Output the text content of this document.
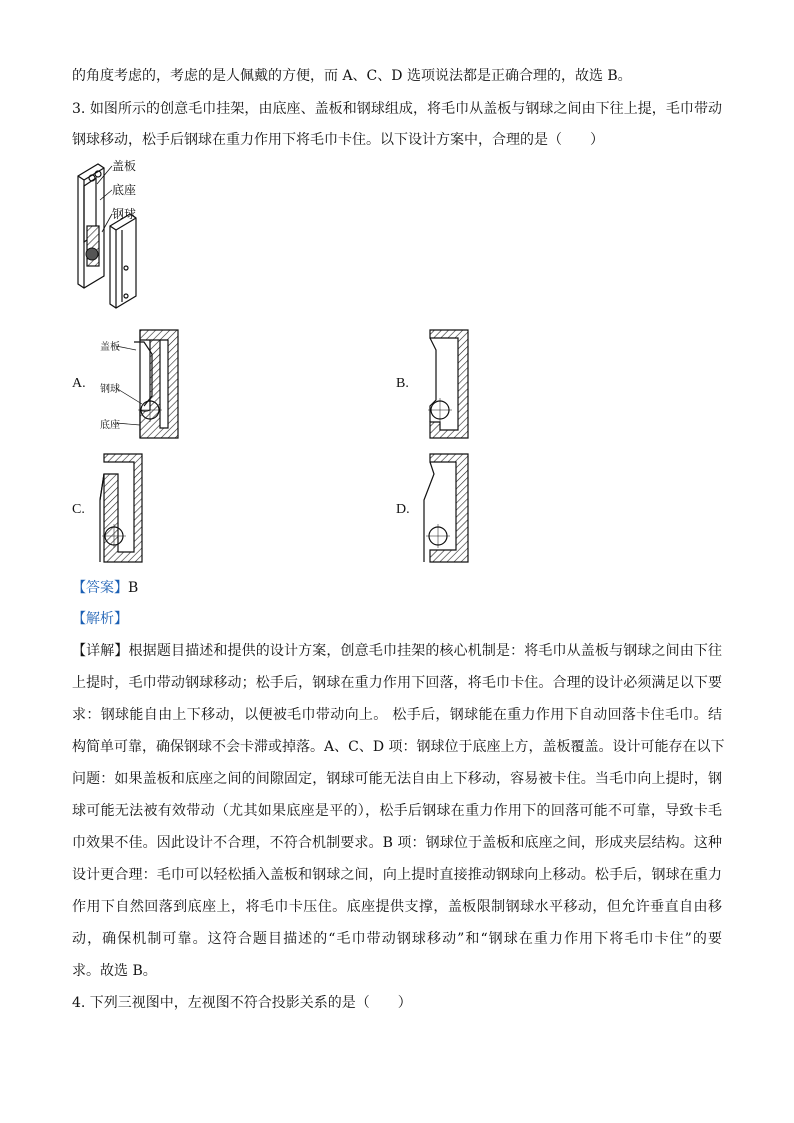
的角度考虑的，考虑的是人佩戴的方便，而 A、C、D 选项说法都是正确合理的，故选 B。
3. 如图所示的创意毛巾挂架，由底座、盖板和钢球组成，将毛巾从盖板与钢球之间由下往上提，毛巾带动
钢球移动，松手后钢球在重力作用下将毛巾卡住。以下设计方案中，合理的是（　　）
盖板
底座
钢球
A.
盖板
钢球
底座
B.
C.	D.
【答案】B
【解析】
【详解】根据题目描述和提供的设计方案，创意毛巾挂架的核心机制是：将毛巾从盖板与钢球之间由下往
上提时，毛巾带动钢球移动；松手后，钢球在重力作用下回落，将毛巾卡住。合理的设计必须满足以下要
求：钢球能自由上下移动，以便被毛巾带动向上。 松手后，钢球能在重力作用下自动回落卡住毛巾。结
构简单可靠，确保钢球不会卡滞或掉落。A、C、D 项：钢球位于底座上方，盖板覆盖。设计可能存在以下
问题：如果盖板和底座之间的间隙固定，钢球可能无法自由上下移动，容易被卡住。当毛巾向上提时，钢
球可能无法被有效带动（尤其如果底座是平的），松手后钢球在重力作用下的回落可能不可靠，导致卡毛
巾效果不佳。因此设计不合理，不符合机制要求。B 项：钢球位于盖板和底座之间，形成夹层结构。这种
设计更合理：毛巾可以轻松插入盖板和钢球之间，向上提时直接推动钢球向上移动。松手后，钢球在重力
作用下自然回落到底座上，将毛巾卡压住。底座提供支撑，盖板限制钢球水平移动，但允许垂直自由移
动，确保机制可靠。这符合题目描述的“毛巾带动钢球移动”和“钢球在重力作用下将毛巾卡住”的要
求。故选 B。
4. 下列三视图中，左视图不符合投影关系的是（　　）
